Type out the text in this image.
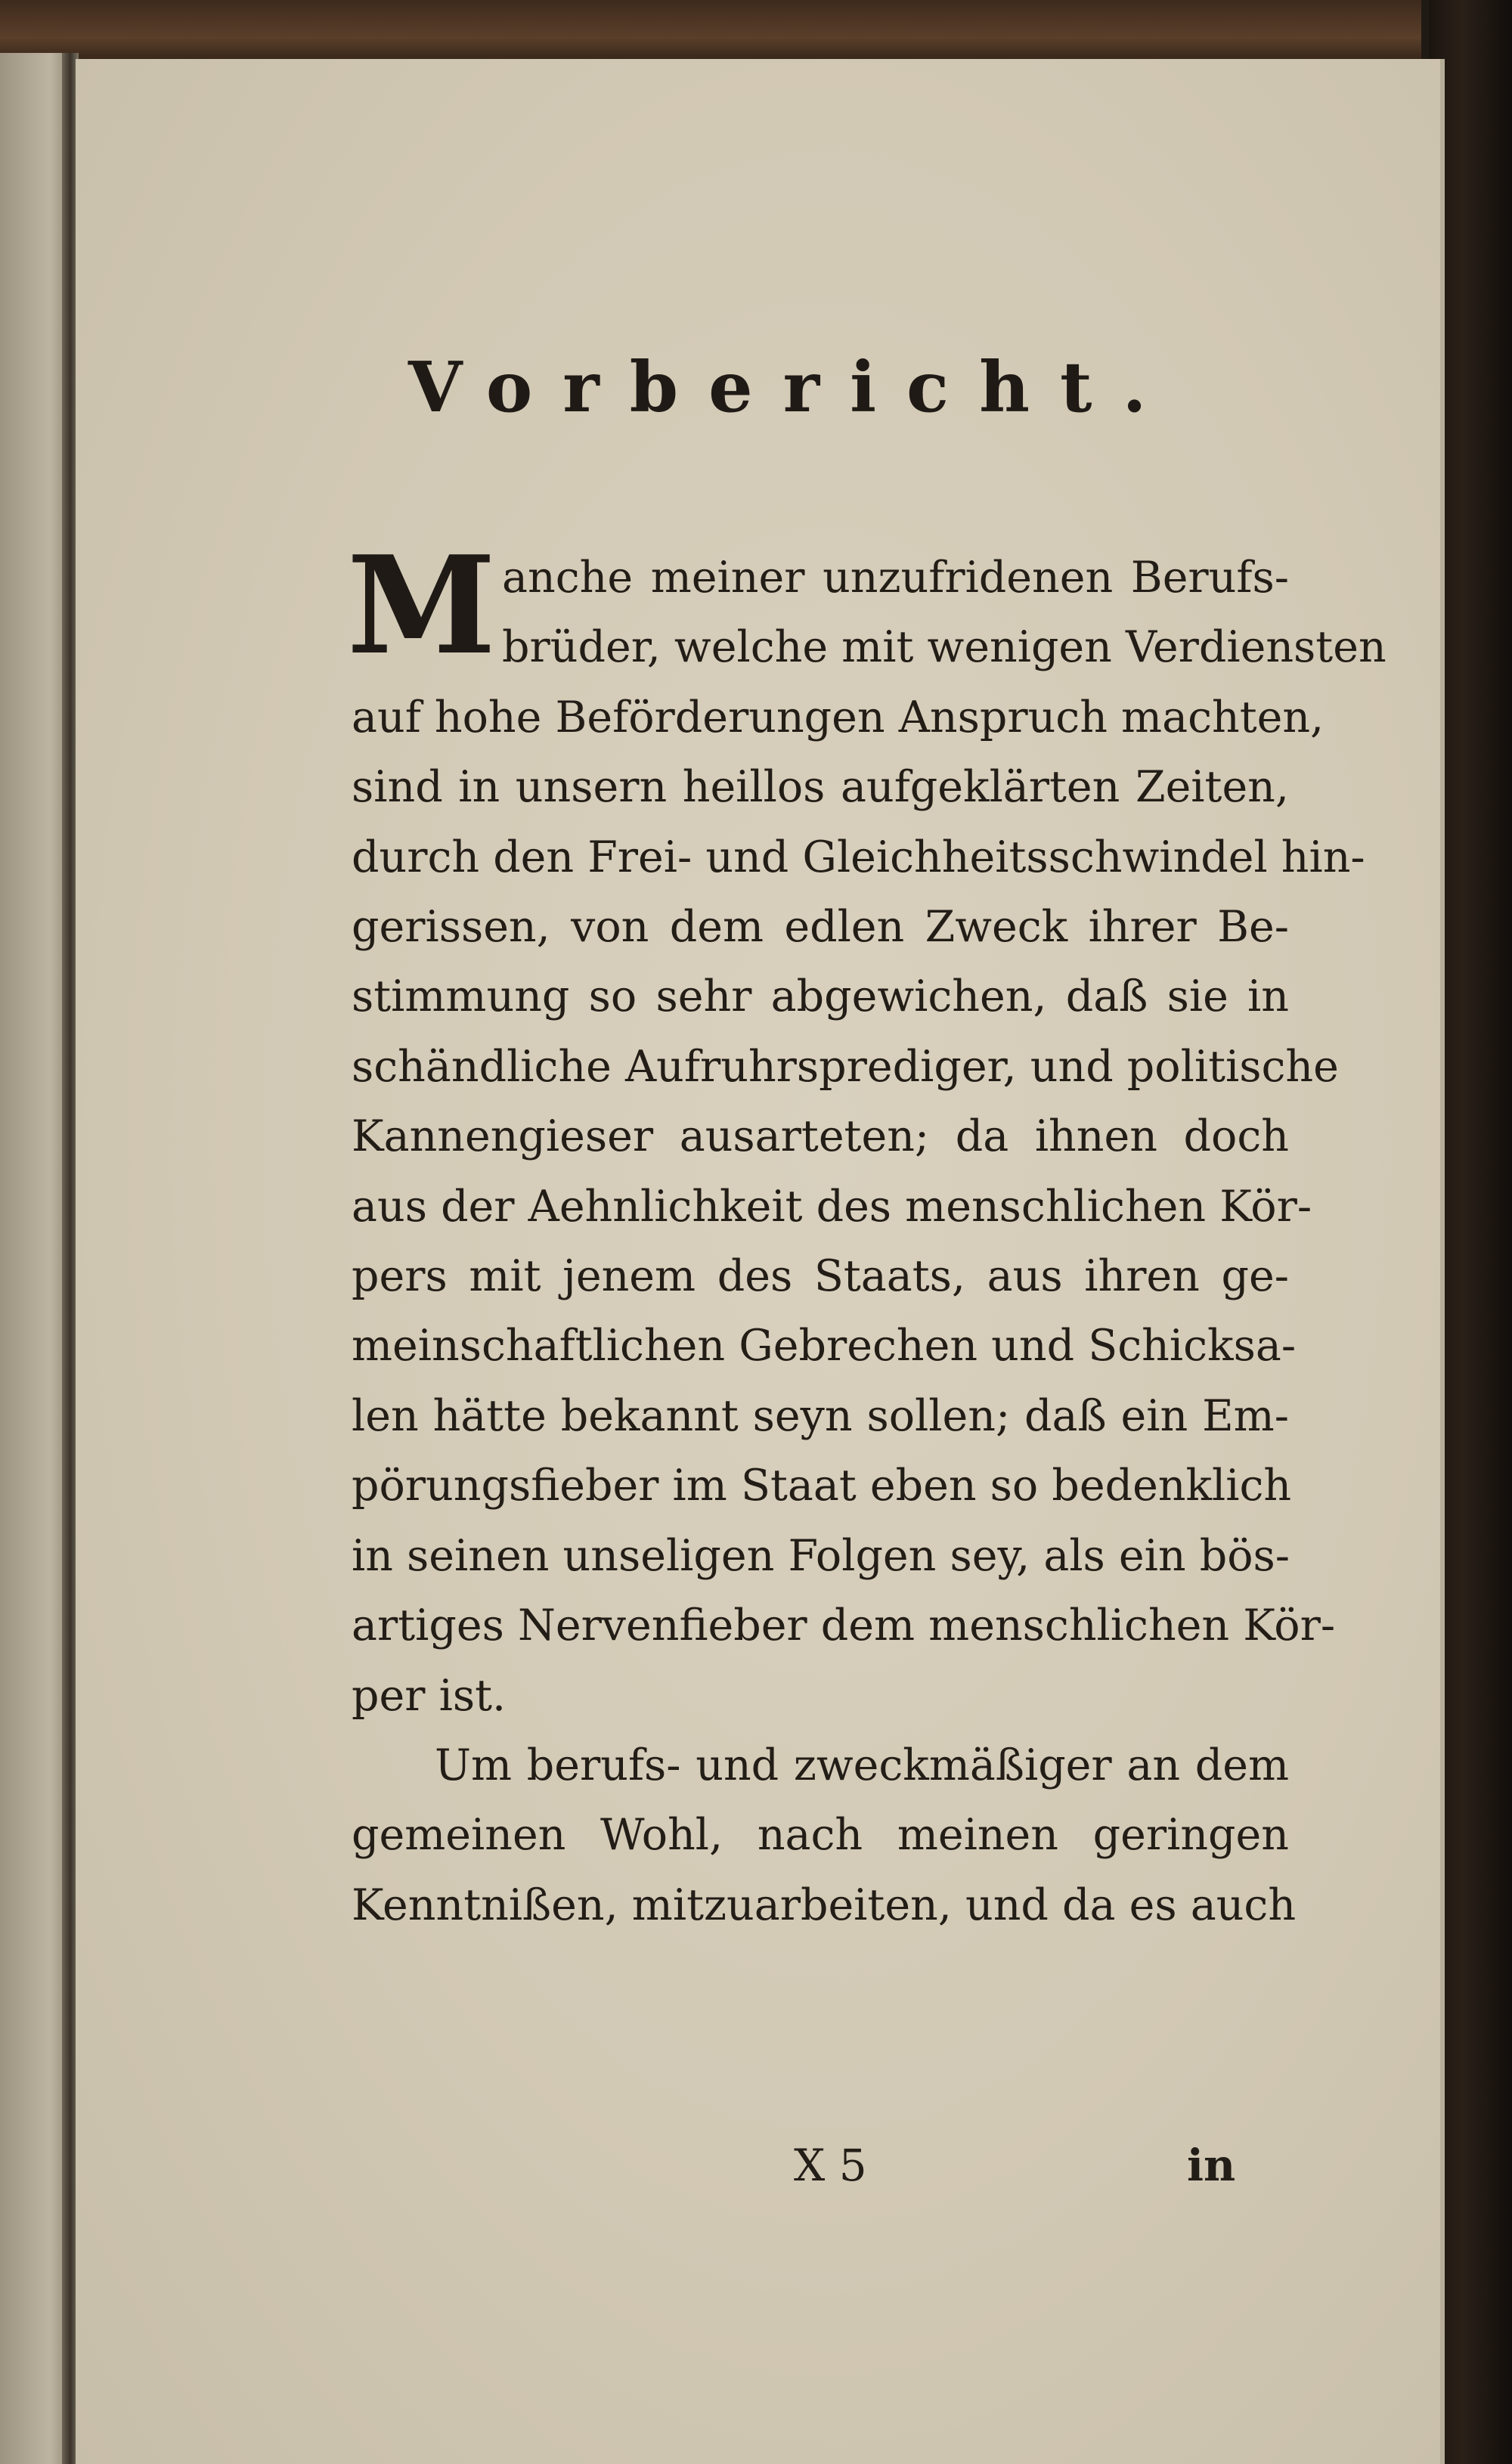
Vorbericht.
M anche meiner unzufridenen Berufs-
brüder, welche mit wenigen Verdiensten
auf hohe Beförderungen Anspruch machten,
sind in unsern heillos aufgeklärten Zeiten,
durch den Frei- und Gleichheitsschwindel hin-
gerissen, von dem edlen Zweck ihrer Be-
stimmung so sehr abgewichen, daß sie in
schändliche Aufruhrsprediger, und politische
Kannengieser ausarteten; da ihnen doch
aus der Aehnlichkeit des menschlichen Kör-
pers mit jenem des Staats, aus ihren ge-
meinschaftlichen Gebrechen und Schicksa-
len hätte bekannt seyn sollen; daß ein Em-
pörungsfieber im Staat eben so bedenklich
in seinen unseligen Folgen sey, als ein bös-
artiges Nervenfieber dem menschlichen Kör-
per ist.
Um berufs- und zweckmäßiger an dem
gemeinen Wohl, nach meinen geringen
Kenntnißen, mitzuarbeiten, und da es auch
X 5	in
